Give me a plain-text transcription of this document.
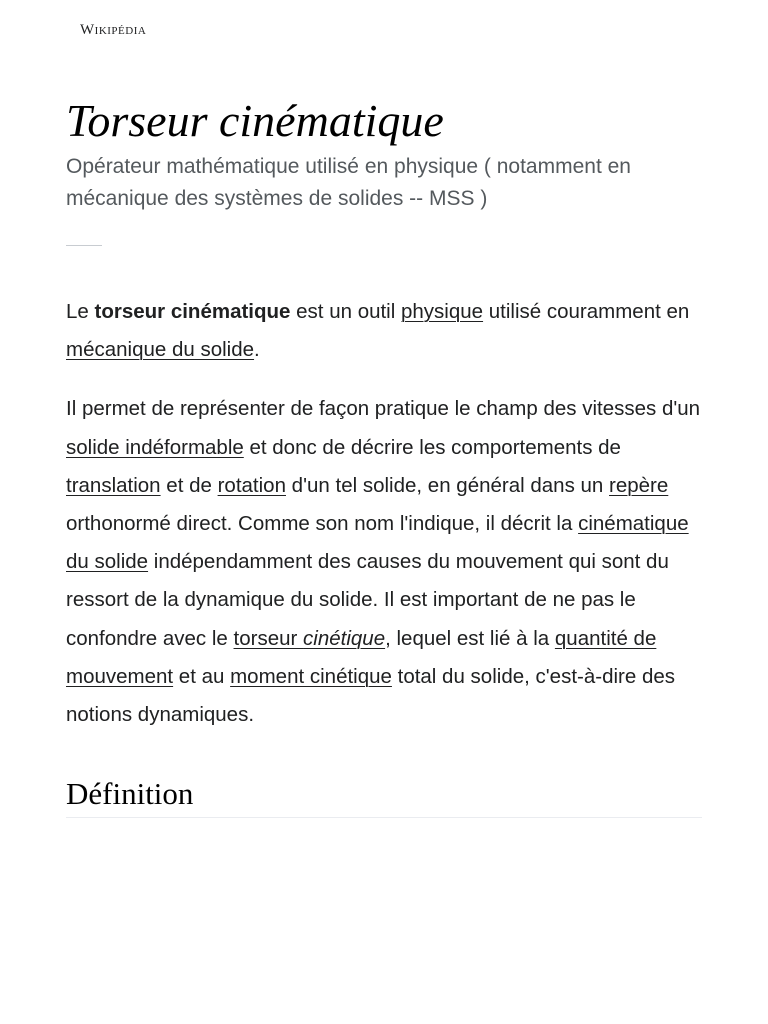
Wikipédia
Torseur cinématique

Opérateur mathématique utilisé en physique ( notamment en mécanique des systèmes de solides -- MSS )

Le torseur cinématique est un outil physique utilisé couramment en mécanique du solide.

Il permet de représenter de façon pratique le champ des vitesses d'un solide indéformable et donc de décrire les comportements de translation et de rotation d'un tel solide, en général dans un repère orthonormé direct. Comme son nom l'indique, il décrit la cinématique du solide indépendamment des causes du mouvement qui sont du ressort de la dynamique du solide. Il est important de ne pas le confondre avec le torseur cinétique, lequel est lié à la quantité de mouvement et au moment cinétique total du solide, c'est-à-dire des notions dynamiques.

Définition
